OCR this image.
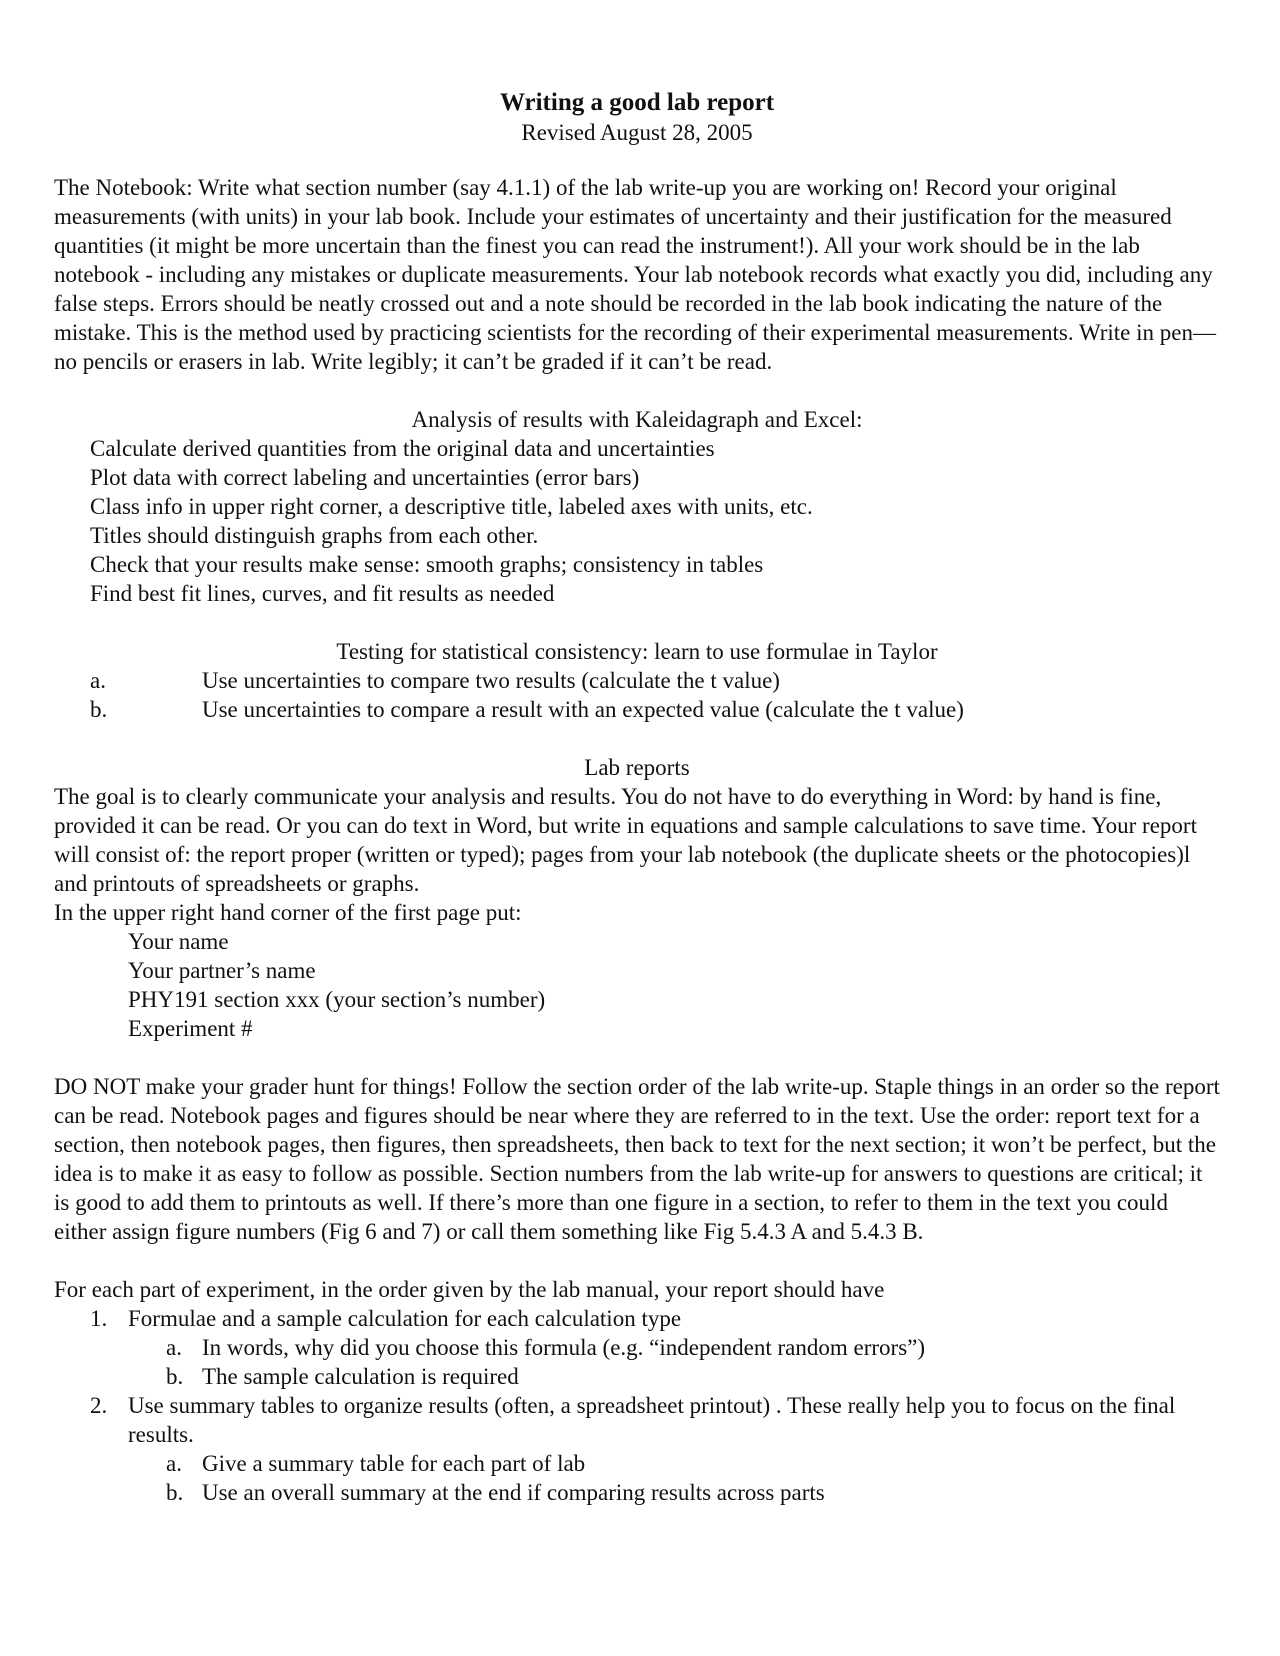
Writing a good lab report

Revised August 28, 2005

The Notebook: Write what section number (say 4.1.1) of the lab write-up you are working on! Record your original measurements (with units) in your lab book. Include your estimates of uncertainty and their justification for the measured quantities (it might be more uncertain than the finest you can read the instrument!). All your work should be in the lab notebook - including any mistakes or duplicate measurements. Your lab notebook records what exactly you did, including any false steps. Errors should be neatly crossed out and a note should be recorded in the lab book indicating the nature of the mistake. This is the method used by practicing scientists for the recording of their experimental measurements. Write in pen—no pencils or erasers in lab. Write legibly; it can’t be graded if it can’t be read.

Analysis of results with Kaleidagraph and Excel:

Calculate derived quantities from the original data and uncertainties
Plot data with correct labeling and uncertainties (error bars)
Class info in upper right corner, a descriptive title, labeled axes with units, etc.
Titles should distinguish graphs from each other.
Check that your results make sense: smooth graphs; consistency in tables
Find best fit lines, curves, and fit results as needed

Testing for statistical consistency: learn to use formulae in Taylor

a.	Use uncertainties to compare two results (calculate the t value)
b.	Use uncertainties to compare a result with an expected value (calculate the t value)

Lab reports

The goal is to clearly communicate your analysis and results. You do not have to do everything in Word: by hand is fine, provided it can be read. Or you can do text in Word, but write in equations and sample calculations to save time. Your report will consist of: the report proper (written or typed); pages from your lab notebook (the duplicate sheets or the photocopies)l and printouts of spreadsheets or graphs.

In the upper right hand corner of the first page put:

Your name
Your partner’s name
PHY191 section xxx (your section’s number)
Experiment #

DO NOT make your grader hunt for things! Follow the section order of the lab write-up. Staple things in an order so the report can be read. Notebook pages and figures should be near where they are referred to in the text. Use the order: report text for a section, then notebook pages, then figures, then spreadsheets, then back to text for the next section; it won’t be perfect, but the idea is to make it as easy to follow as possible. Section numbers from the lab write-up for answers to questions are critical; it is good to add them to printouts as well. If there’s more than one figure in a section, to refer to them in the text you could either assign figure numbers (Fig 6 and 7) or call them something like Fig 5.4.3 A and 5.4.3 B.

For each part of experiment, in the order given by the lab manual, your report should have

1. Formulae and a sample calculation for each calculation type
a. In words, why did you choose this formula (e.g. “independent random errors”)
b. The sample calculation is required
2. Use summary tables to organize results (often, a spreadsheet printout) . These really help you to focus on the final results.
a. Give a summary table for each part of lab
b. Use an overall summary at the end if comparing results across parts
